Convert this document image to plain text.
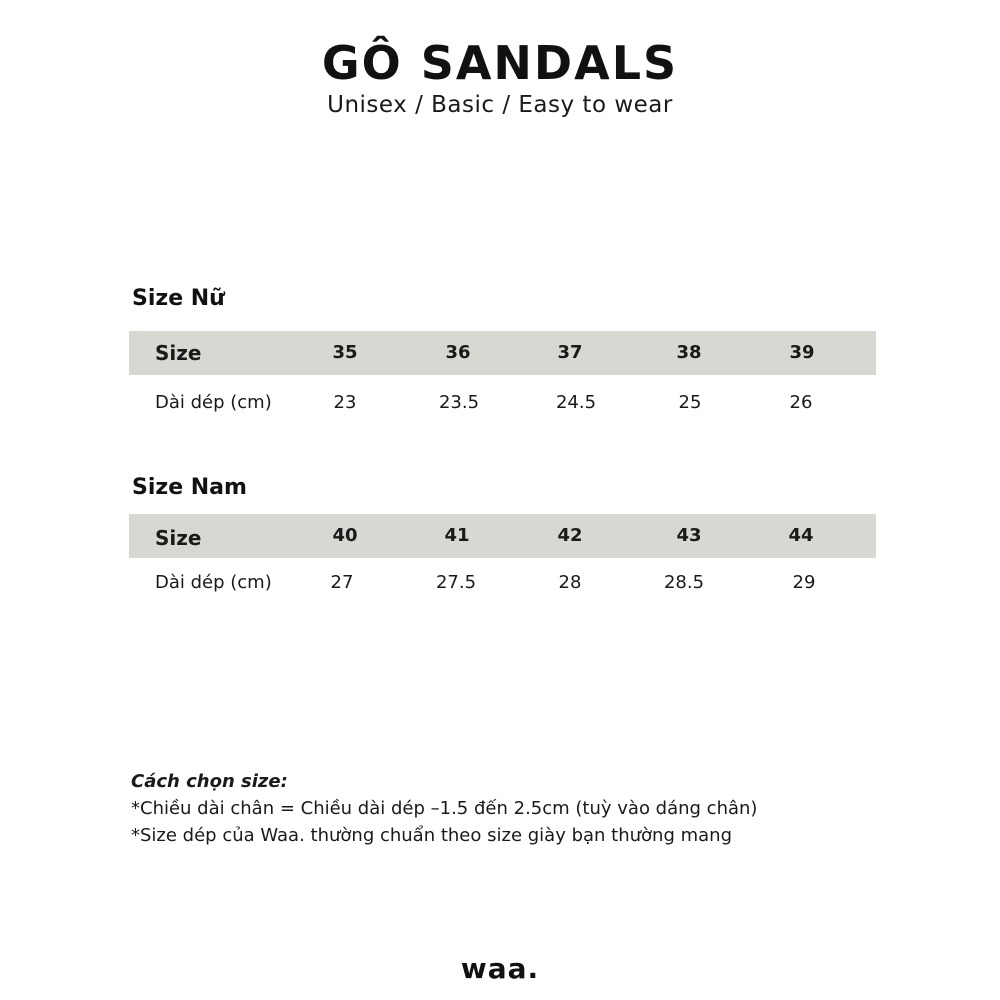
GÔ SANDALS

Unisex / Basic / Easy to wear

Size Nữ
Size	35	36	37	38	39
Dài dép (cm)	23	23.5	24.5	25	26
Size Nam
Size	40	41	42	43	44
Dài dép (cm)	27	27.5	28	28.5	29
Cách chọn size:
*Chiều dài chân = Chiều dài dép –1.5 đến 2.5cm (tuỳ vào dáng chân)
*Size dép của Waa. thường chuẩn theo size giày bạn thường mang
waa.
